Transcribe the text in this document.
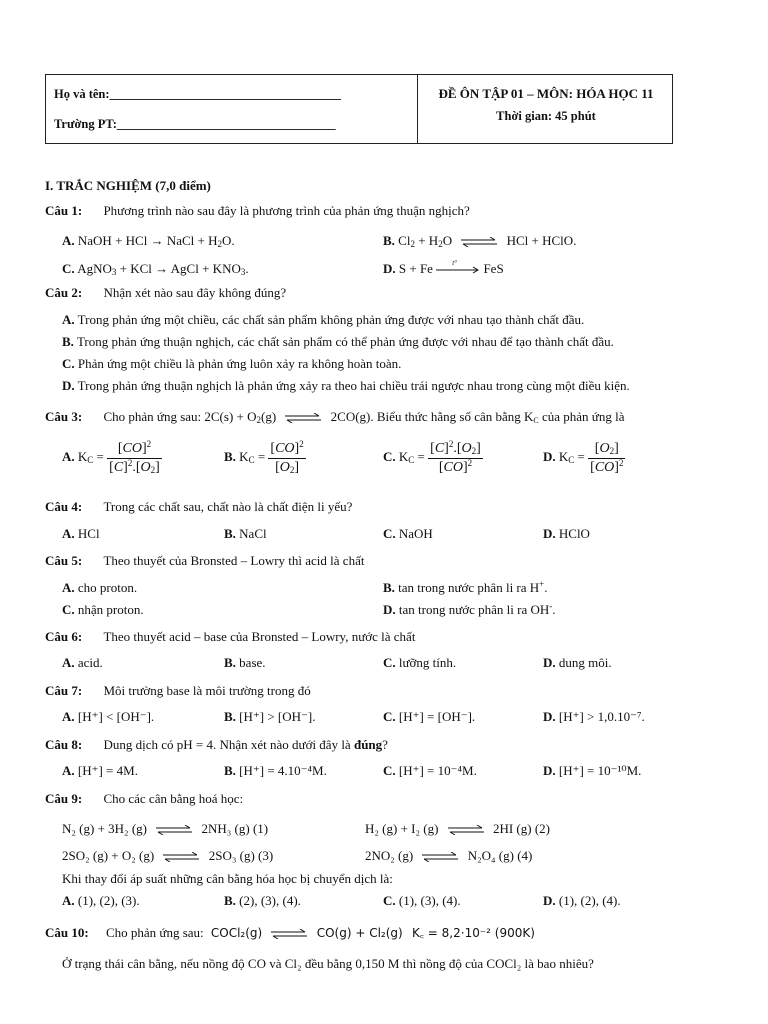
Họ và tên:_____________________________________
Trường PT:___________________________________
ĐỀ ÔN TẬP 01 – MÔN: HÓA HỌC 11
Thời gian: 45 phút
I. TRẮC NGHIỆM (7,0 điểm)
Câu 1: Phương trình nào sau đây là phương trình của phản ứng thuận nghịch?
A. NaOH + HCl → NaCl + $H_2O$.	B. $Cl_2 + H_2O$	HCl + HClO.
C. AgNO$_3$ + KCl → AgCl + $KNO_3$.	D. S + Fe	t° FeS
Câu 2: Nhận xét nào sau đây không đúng?
A. Trong phản ứng một chiều, các chất sản phẩm không phản ứng được với nhau tạo thành chất đầu.
B. Trong phản ứng thuận nghịch, các chất sản phẩm có thể phản ứng được với nhau để tạo thành chất đầu.
C. Phản ứng một chiều là phản ứng luôn xảy ra không hoàn toàn.
D. Trong phản ứng thuận nghịch là phản ứng xảy ra theo hai chiều trái ngược nhau trong cùng một điều kiện.
Câu 3: Cho phản ứng sau: $2C(s) + O_2(g)$	2CO(g). Biểu thức hằng số cân bằng $K_C$ của phản ứng là
A. $K_C = \frac{[CO]^2}{[C]^2.[O_2]}$	B. $K_C = \frac{[CO]^2}{[O_2]}$	C. $K_C = \frac{[C]^2.[O_2]}{[CO]^2}$	D. $K_C = \frac{[O_2]}{[CO]^2}$
Câu 4: Trong các chất sau, chất nào là chất điện li yếu?
A. HCl	B. NaCl	C. NaOH	D. HClO
Câu 5: Theo thuyết của Bronsted – Lowry thì acid là chất
A. cho proton.	B. tan trong nước phân li ra H+.
C. nhận proton.	D. tan trong nước phân li ra OH-.
Câu 6: Theo thuyết acid – base của Bronsted – Lowry, nước là chất
A. acid.	B. base.	C. lưỡng tính.	D. dung môi.
Câu 7: Môi trường base là môi trường trong đó
A. [H⁺] < [OH⁻].	B. [H⁺] > [OH⁻].	C. [H⁺] = [OH⁻].	D. [H⁺] > 1,0.10⁻⁷.
Câu 8: Dung dịch có pH = 4. Nhận xét nào dưới đây là đúng?
A. [H⁺] = 4M.	B. [H⁺] = 4.10⁻⁴M.	C. [H⁺] = 10⁻⁴M.	D. [H⁺] = 10⁻¹⁰M.
Câu 9: Cho các cân bằng hoá học:
N₂ (g) + 3H₂ (g)	2NH₃ (g) (1)	H₂ (g) + I₂ (g)	2HI (g) (2)
2SO₂ (g) + O₂ (g)	2SO₃ (g) (3)	2NO₂ (g)	N₂O₄ (g) (4)
Khi thay đổi áp suất những cân bằng hóa học bị chuyển dịch là:
A. (1), (2), (3).	B. (2), (3), (4).	C. (1), (3), (4).	D. (1), (2), (4).
Câu 10: Cho phản ứng sau: COCl₂(g)	CO(g) + Cl₂(g) K꜀ = 8,2·10⁻² (900K)
Ở trạng thái cân bằng, nếu nồng độ CO và Cl₂ đều bằng 0,150 M thì nồng độ của COCl₂ là bao nhiêu?
